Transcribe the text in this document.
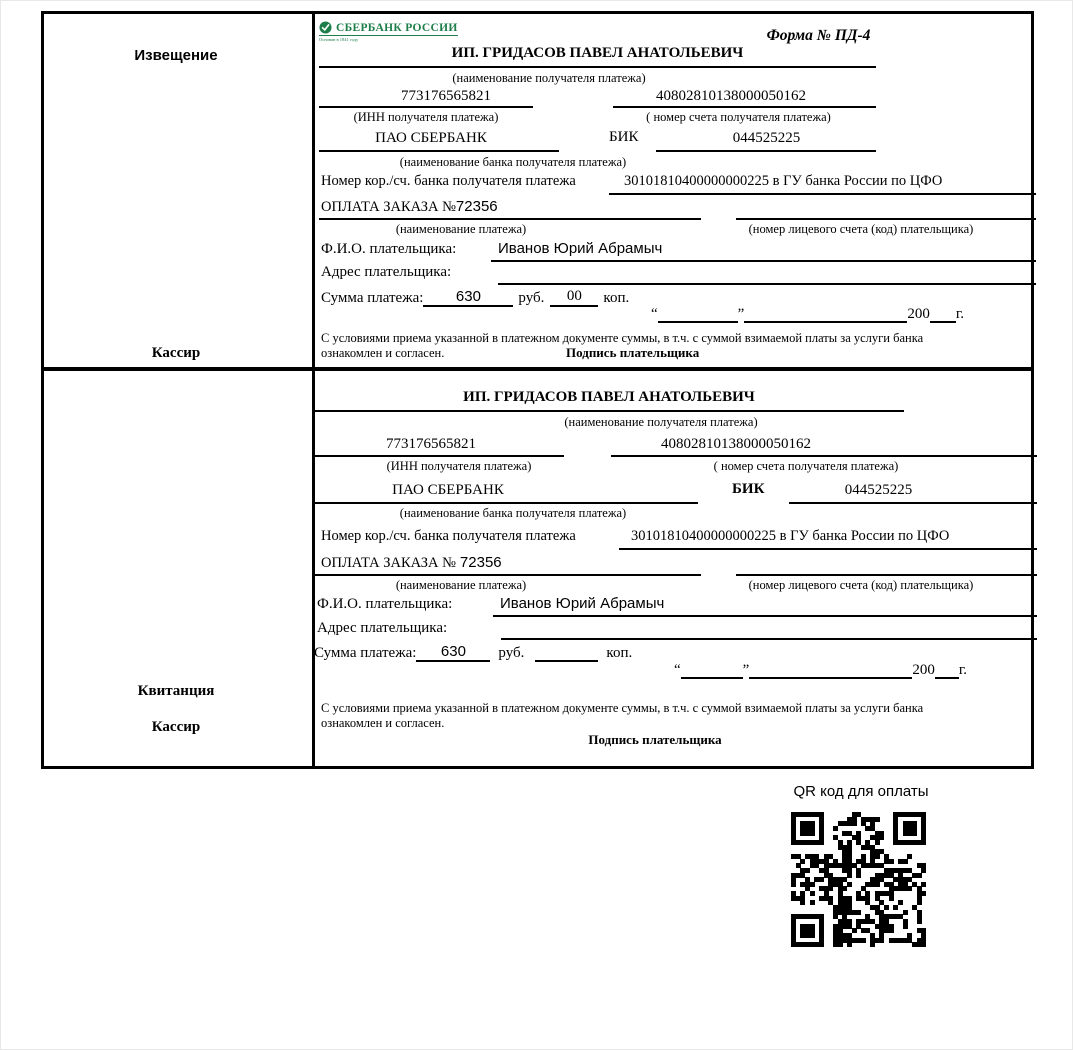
Извещение
Кассир
СБЕРБАНК РОССИИ
Основан в 1841 году	Форма № ПД-4
ИП. ГРИДАСОВ ПАВЕЛ АНАТОЛЬЕВИЧ
(наименование получателя платежа)
773176565821	40802810138000050162
(ИНН получателя платежа)	( номер счета получателя платежа)
ПАО СБЕРБАНК	БИК	044525225
(наименование банка получателя платежа)
Номер кор./сч. банка получателя платежа	30101810400000000225 в ГУ банка России по ЦФО
ОПЛАТА ЗАКАЗА №72356
(наименование платежа)	(номер лицевого счета (код) плательщика)
Ф.И.О. плательщика:	Иванов Юрий Абрамыч
Адрес плательщика:
Сумма платежа:	630	руб.	00	коп.
“	”	200 г.
С условиями приема указанной в платежном документе суммы, в т.ч. с суммой взимаемой платы за услуги банка
ознакомлен и согласен.	Подпись плательщика
Квитанция
Кассир
ИП. ГРИДАСОВ ПАВЕЛ АНАТОЛЬЕВИЧ
(наименование получателя платежа)
773176565821	40802810138000050162
(ИНН получателя платежа)	( номер счета получателя платежа)
ПАО СБЕРБАНК	БИК	044525225
(наименование банка получателя платежа)
Номер кор./сч. банка получателя платежа	30101810400000000225 в ГУ банка России по ЦФО
ОПЛАТА ЗАКАЗА № 72356
(наименование платежа)	(номер лицевого счета (код) плательщика)
Ф.И.О. плательщика:	Иванов Юрий Абрамыч
Адрес плательщика:
Сумма платежа:	630	руб.	коп.
“	”	200 г.
С условиями приема указанной в платежном документе суммы, в т.ч. с суммой взимаемой платы за услуги банка
ознакомлен и согласен.
Подпись плательщика
QR код для оплаты
